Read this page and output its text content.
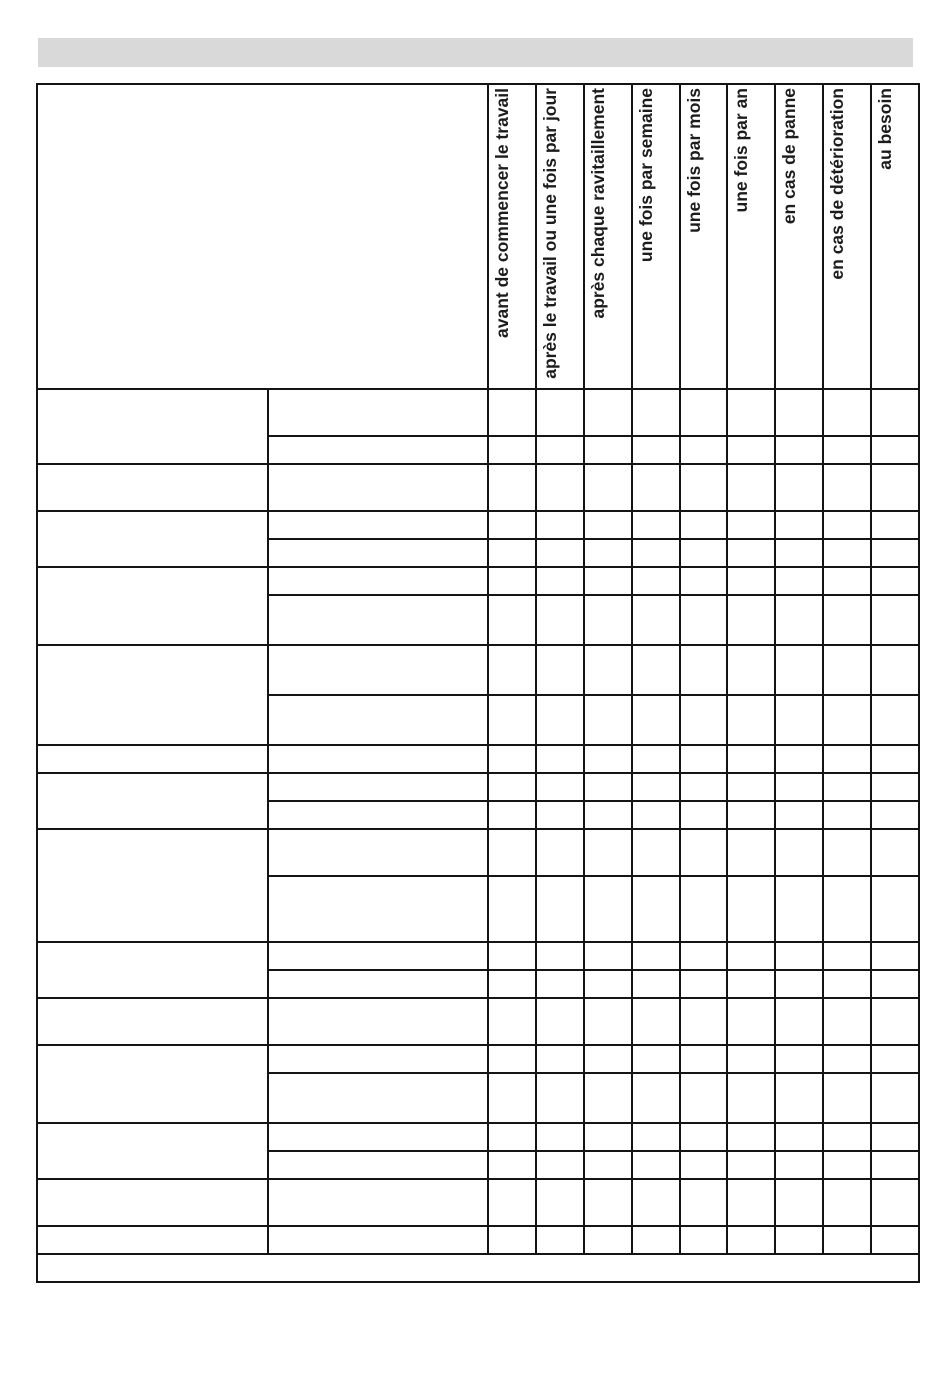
avant de commencer le travail après le travail ou une fois par jour après chaque ravitaillement une fois par semaine une fois par mois une fois par an en cas de panne en cas de détérioration au besoin
